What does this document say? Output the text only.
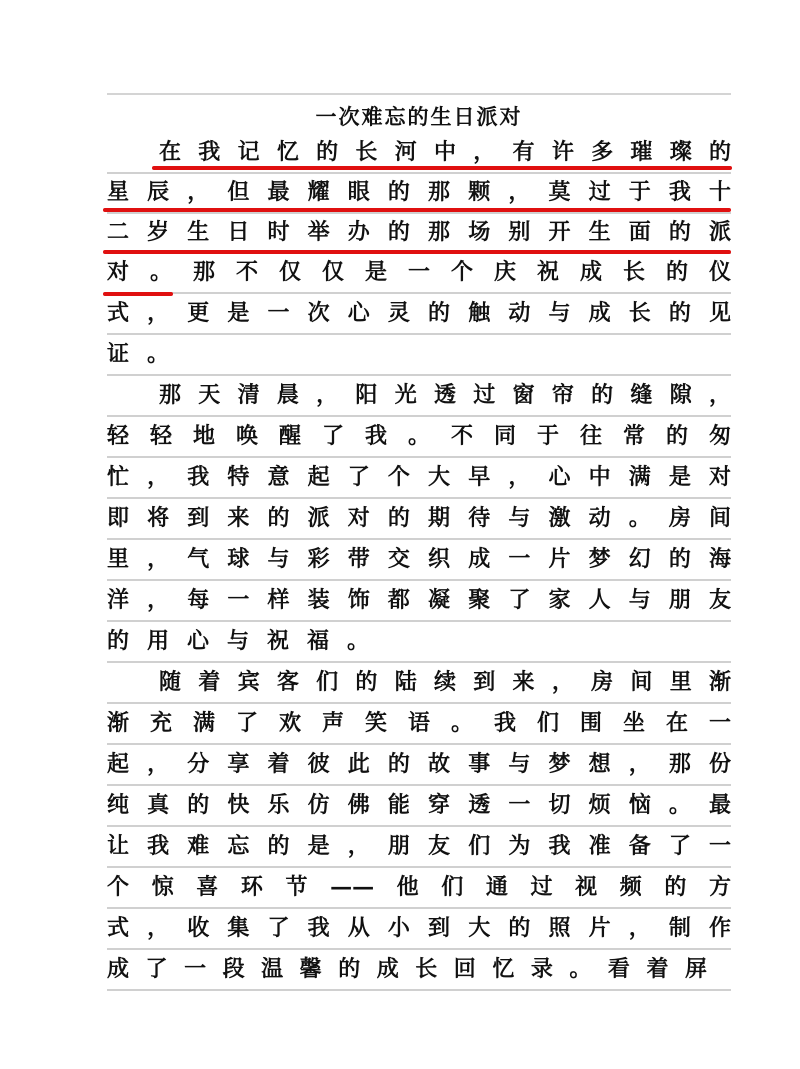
一次难忘的生日派对
在我记忆的长河中，有许多璀璨的
星辰，但最耀眼的那颗，莫过于我十
二岁生日时举办的那场别开生面的派
对。那不仅仅是一个庆祝成长的仪
式，更是一次心灵的触动与成长的见
证。
那天清晨，阳光透过窗帘的缝隙，
轻轻地唤醒了我。不同于往常的匆
忙，我特意起了个大早，心中满是对
即将到来的派对的期待与激动。房间
里，气球与彩带交织成一片梦幻的海
洋，每一样装饰都凝聚了家人与朋友
的用心与祝福。
随着宾客们的陆续到来，房间里渐
渐充满了欢声笑语。我们围坐在一
起，分享着彼此的故事与梦想，那份
纯真的快乐仿佛能穿透一切烦恼。最
让我难忘的是，朋友们为我准备了一
个惊喜环节——他们通过视频的方
式，收集了我从小到大的照片，制作
成了一段温馨的成长回忆录。看着屏
